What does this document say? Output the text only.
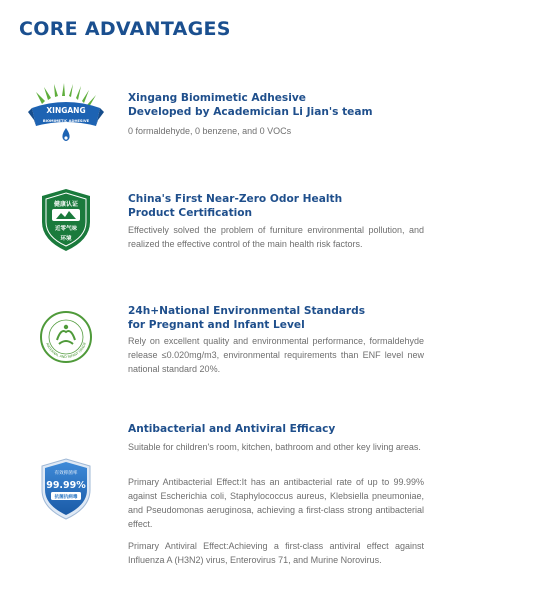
CORE ADVANTAGES
XINGANG
BIOMIMETIC ADHESIVE
Xingang Biomimetic Adhesive
Developed by Academician Li Jian's team

0 formaldehyde, 0 benzene, and 0 VOCs

健康认证
近零气味
环境
China's First Near-Zero Odor Health
Product Certification

Effectively solved the problem of furniture environmental pollution, and realized the effective control of the main health risk factors.

MATERNAL AND INFANT GRADE
24h+National Environmental Standards
for Pregnant and Infant Level

Rely on excellent quality and environmental performance, formaldehyde release ≤0.020mg/m3, environmental requirements than ENF level new national standard 20%.

有效抑菌率
99.99%
抗菌抗病毒
Antibacterial and Antiviral Efficacy

Suitable for children's room, kitchen, bathroom and other key living areas.

Primary Antibacterial Effect:It has an antibacterial rate of up to 99.99% against Escherichia coli, Staphylococcus aureus, Klebsiella pneumoniae, and Pseudomonas aeruginosa, achieving a first-class strong antibacterial effect.

Primary Antiviral Effect:Achieving a first-class antiviral effect against Influenza A (H3N2) virus, Enterovirus 71, and Murine Norovirus.
